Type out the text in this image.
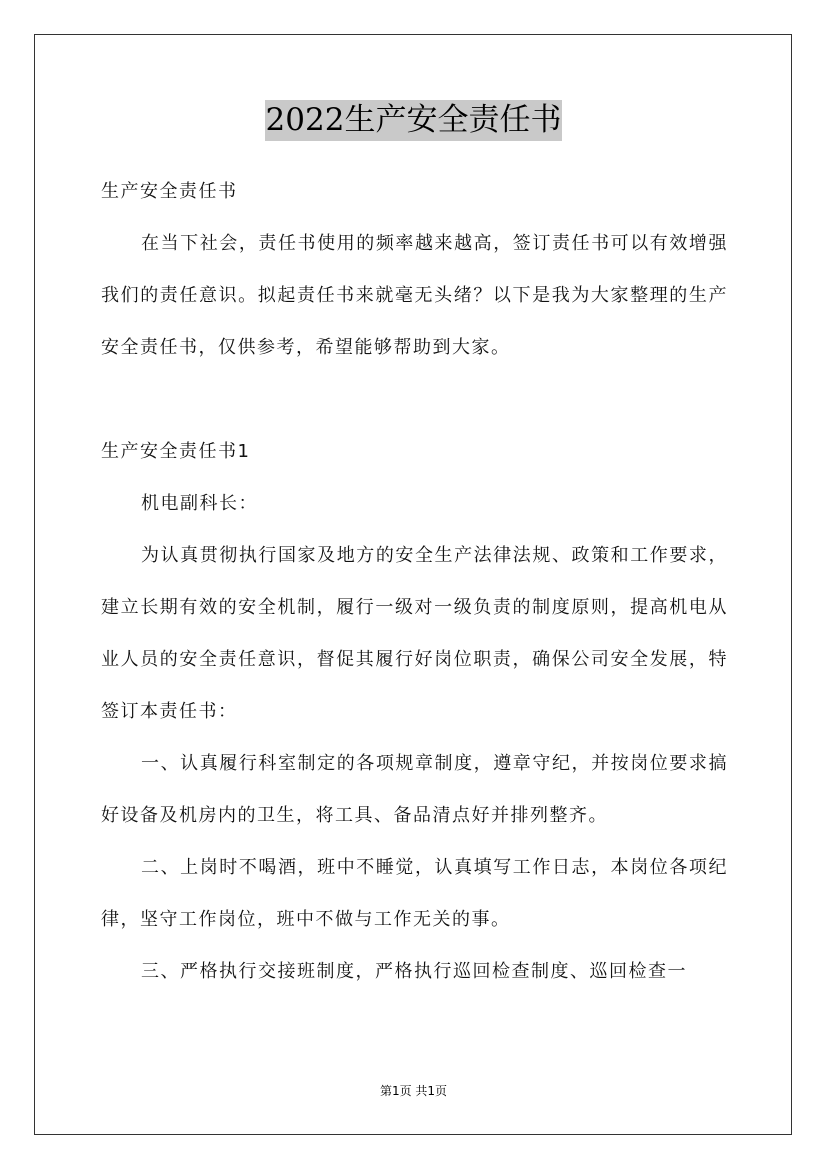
2022生产安全责任书

生产安全责任书

在当下社会，责任书使用的频率越来越高，签订责任书可以有效增强我们的责任意识。拟起责任书来就毫无头绪？以下是我为大家整理的生产安全责任书，仅供参考，希望能够帮助到大家。

生产安全责任书1

机电副科长：

为认真贯彻执行国家及地方的安全生产法律法规、政策和工作要求，建立长期有效的安全机制，履行一级对一级负责的制度原则，提高机电从业人员的安全责任意识，督促其履行好岗位职责，确保公司安全发展，特签订本责任书：

一、认真履行科室制定的各项规章制度，遵章守纪，并按岗位要求搞好设备及机房内的卫生，将工具、备品清点好并排列整齐。

二、上岗时不喝酒，班中不睡觉，认真填写工作日志，本岗位各项纪律，坚守工作岗位，班中不做与工作无关的事。

三、严格执行交接班制度，严格执行巡回检查制度、巡回检查一

第1页 共1页
